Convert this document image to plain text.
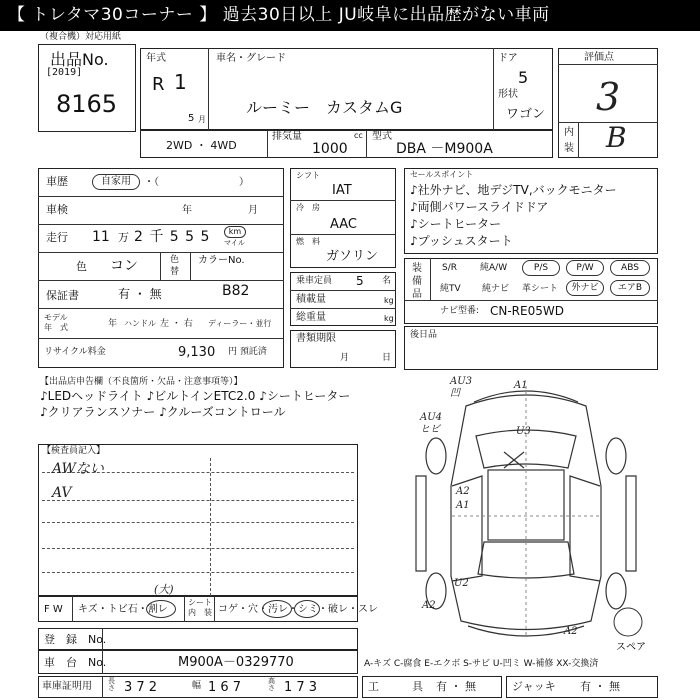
【 トレタマ30コーナー 】 過去30日以上 JU岐阜に出品歴がない車両
（複合機）対応用紙
出品No.
[2019]
8165
年式
R 1
5 月
車名・グレード
ルーミー　カスタムG
ドア
5
形状
ワゴン
2WD ・ 4WD
排気量
1000
cc 型式
DBA －M900A
評価点
3
内
装 B
車歴	自家用	・（　　　　　　　　）
車検	年	月
走行 11 万 2 千 5 5 5	km
マイル
色 コン	色
替
カラーNo.
B82
保証書	有 ・ 無
モデル
年　式	年 ハンドル 左 ・ 右 ディーラー・並行
リサイクル料金	9,130 円 預託済
シフト
IAT
冷　房
AAC
燃　料
ガソリン
乗車定員 5 名
積載量	kg
総重量	kg
書類期限
月	日
セールスポイント
♪社外ナビ、地デジTV,バックモニター
♪両側パワースライドドア
♪シートヒーター
♪プッシュスタート
装
備
品
S/R	純A/W	P/S	P/W	ABS
純TV 純ナビ 革シート	外ナビ	エアB
ナビ型番: CN-RE05WD
後日品
【出品店申告欄（不良箇所・欠品・注意事項等）】
♪LEDヘッドライト ♪ビルトインETC2.0 ♪シートヒーター
♪クリアランスソナー ♪クルーズコントロール
【検査員記入】
AWない
AV
F W キズ・トビ石・割レ
(大)
シート
内　装 コゲ・穴・汚レ・シミ・破レ・スレ
登　録　No.
車　台　No.	M900A－0329770	A-キズ C-腐食 E-エクボ S-サビ U-凹ミ W-補修 XX-交換済
車庫証明用 長さ 3 7 2	幅 1 6 7	高さ 1 7 3	工　　　具 有 ・ 無	ジャッキ 有 ・ 無
スペア
AU3
凹
A1
U3
AU4
ヒビ
A2
A1
A2
A2
U2
